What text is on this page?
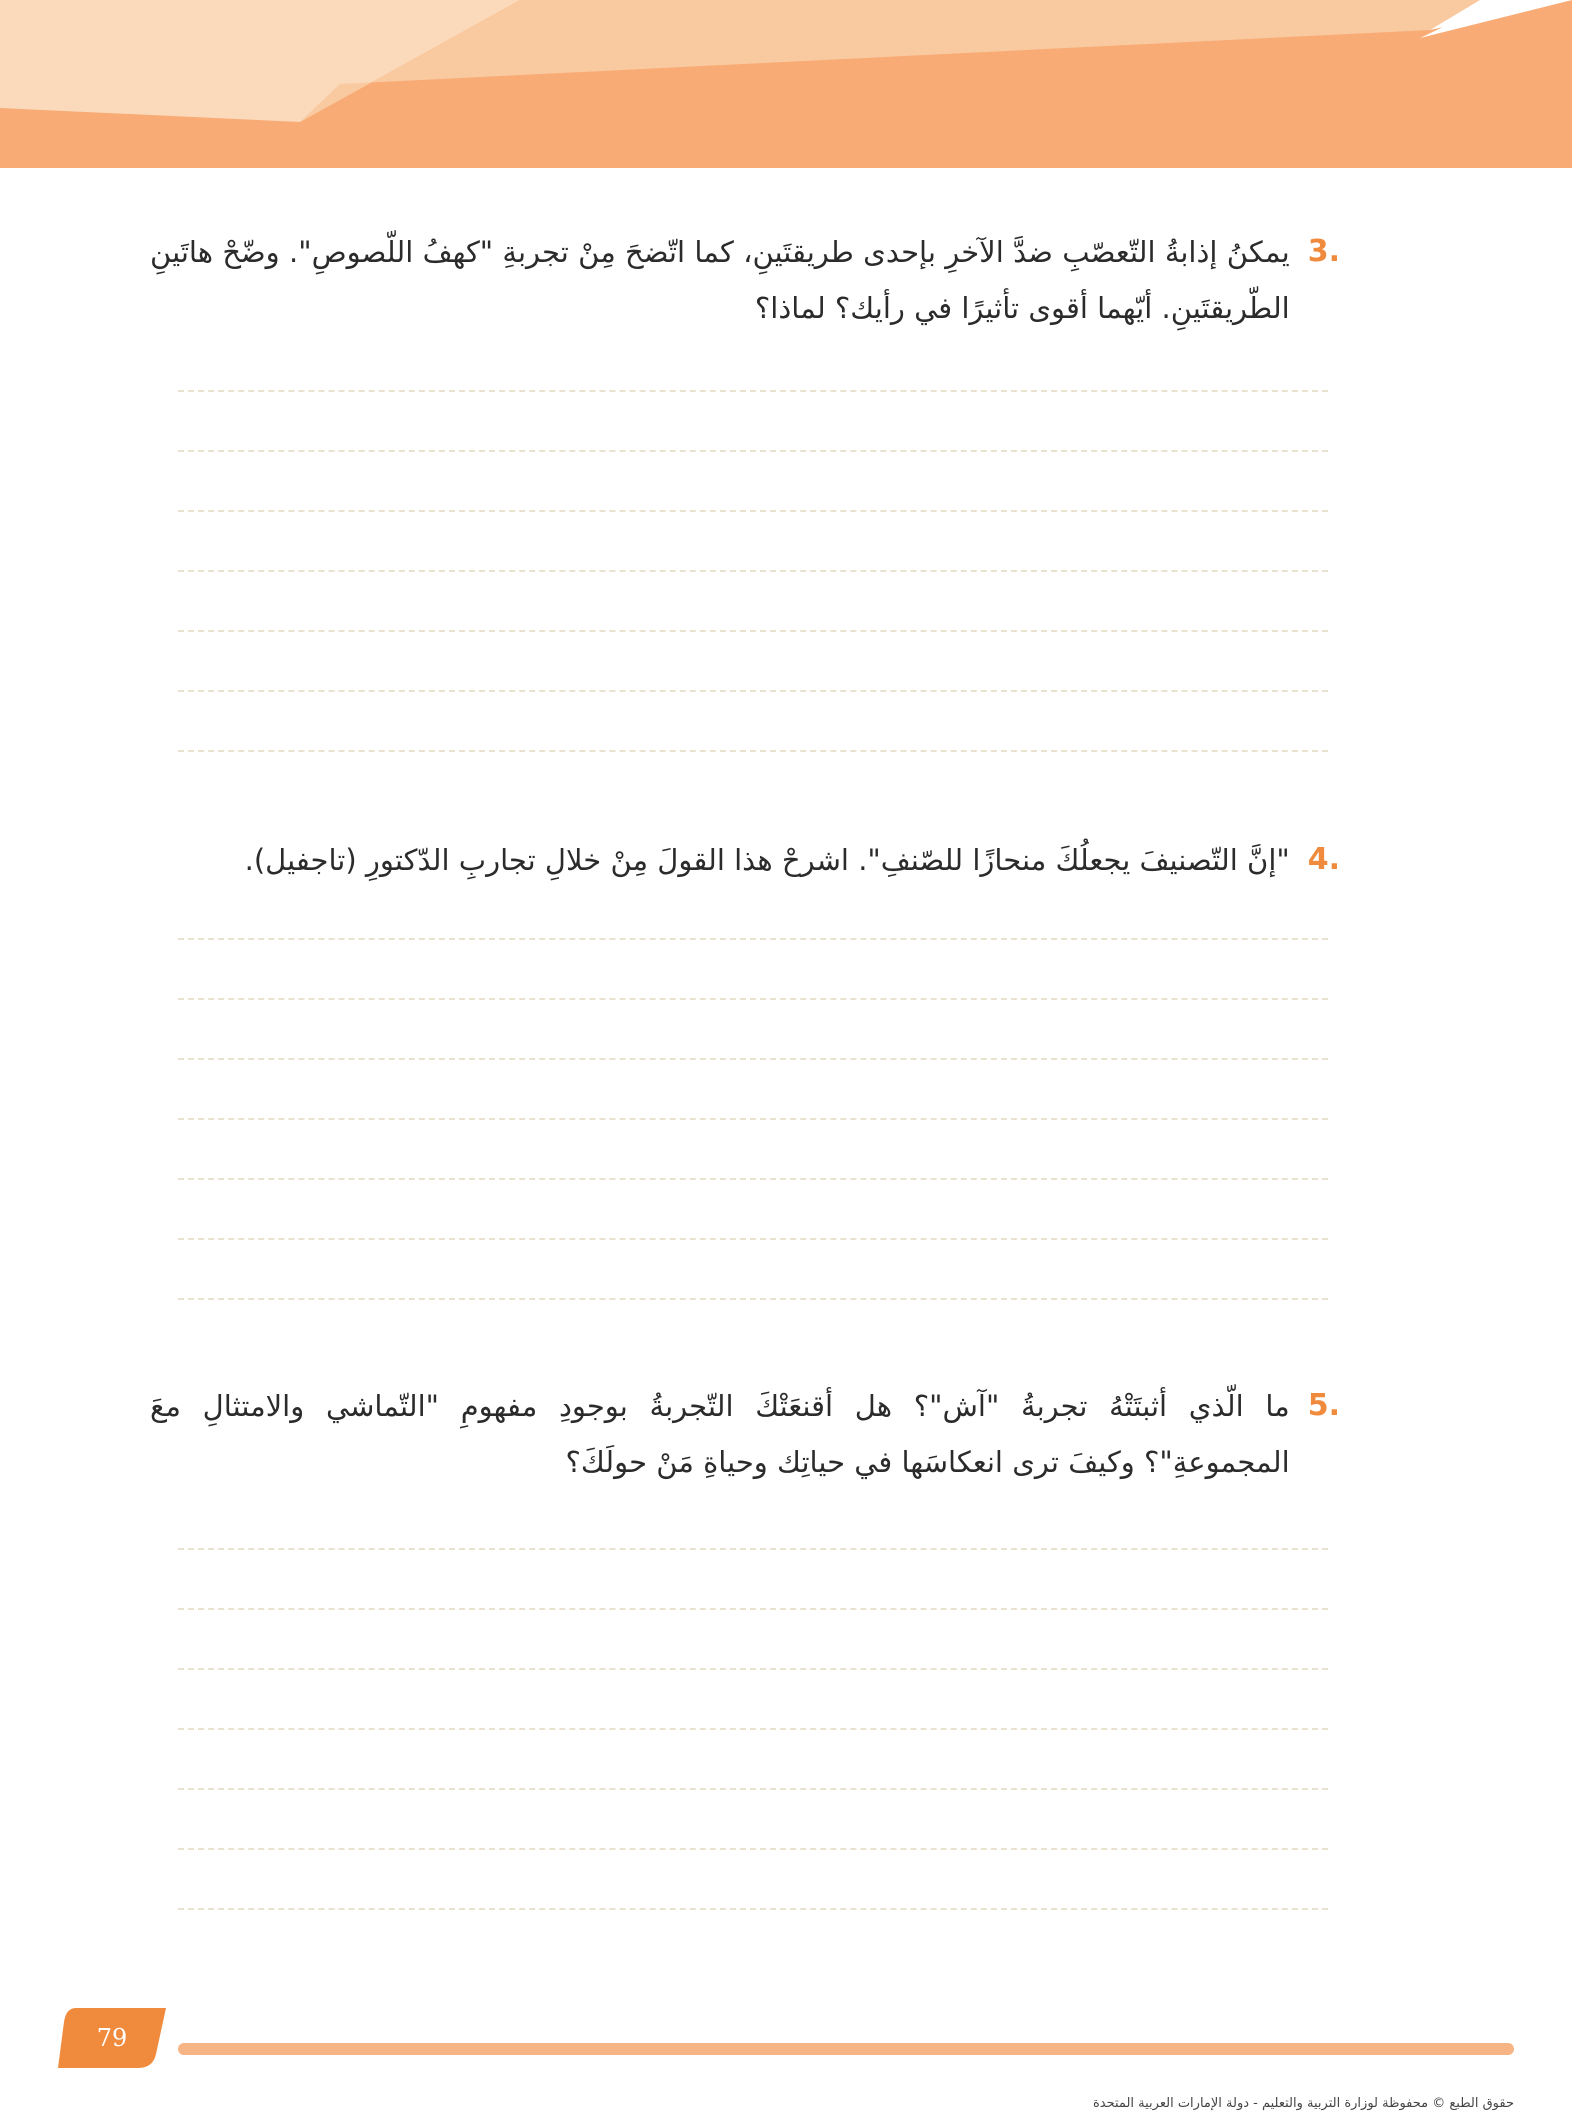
.3
يمكنُ إذابةُ التّعصّبِ ضدَّ الآخرِ بإحدى طريقتَينِ، كما اتّضحَ مِنْ تجربةِ "كهفُ اللّصوصِ". وضّحْ هاتَينِ الطّريقتَينِ. أيّهما أقوى تأثيرًا في رأيك؟ لماذا؟
.4
"إنَّ التّصنيفَ يجعلُكَ منحازًا للصّنفِ". اشرحْ هذا القولَ مِنْ خلالِ تجاربِ الدّكتورِ (تاجفيل).
.5
ما الّذي أثبتَتْهُ تجربةُ "آش"؟ هل أقنعَتْكَ التّجربةُ بوجودِ مفهومِ "التّماشي والامتثالِ معَ المجموعةِ"؟ وكيفَ ترى انعكاسَها في حياتِك وحياةِ مَنْ حولَكَ؟
79
حقوق الطبع © محفوظة لوزارة التربية والتعليم - دولة الإمارات العربية المتحدة
